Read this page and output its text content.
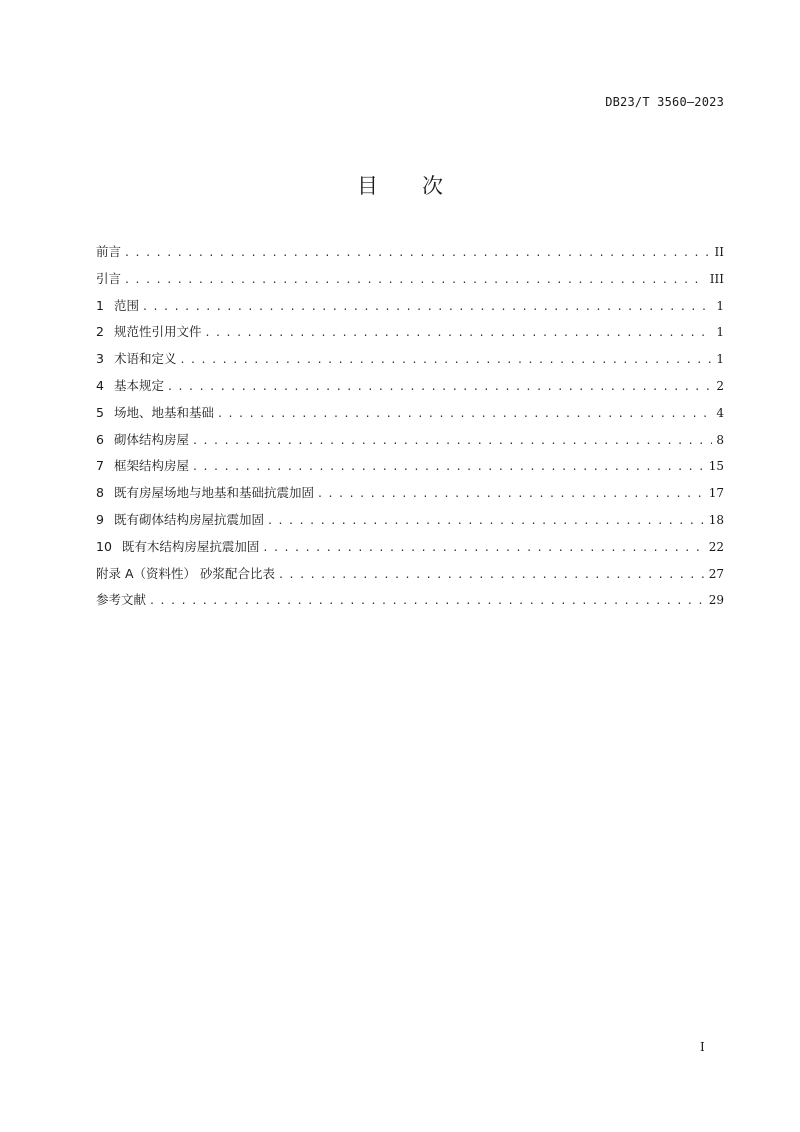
DB23/T 3560—2023
目次
前言 . . .	II
引言 . . .	III
1 范围 . . .	1
2 规范性引用文件 . . .	1
3 术语和定义 . . .	1
4 基本规定 . . .	2
5 场地、地基和基础 . . .	4
6 砌体结构房屋 . . .	8
7 框架结构房屋 . . .	15
8 既有房屋场地与地基和基础抗震加固 . . .	17
9 既有砌体结构房屋抗震加固 . . .	18
10 既有木结构房屋抗震加固 . . .	22
附录 A（资料性） 砂浆配合比表 . . .	27
参考文献 . . .	29
I
